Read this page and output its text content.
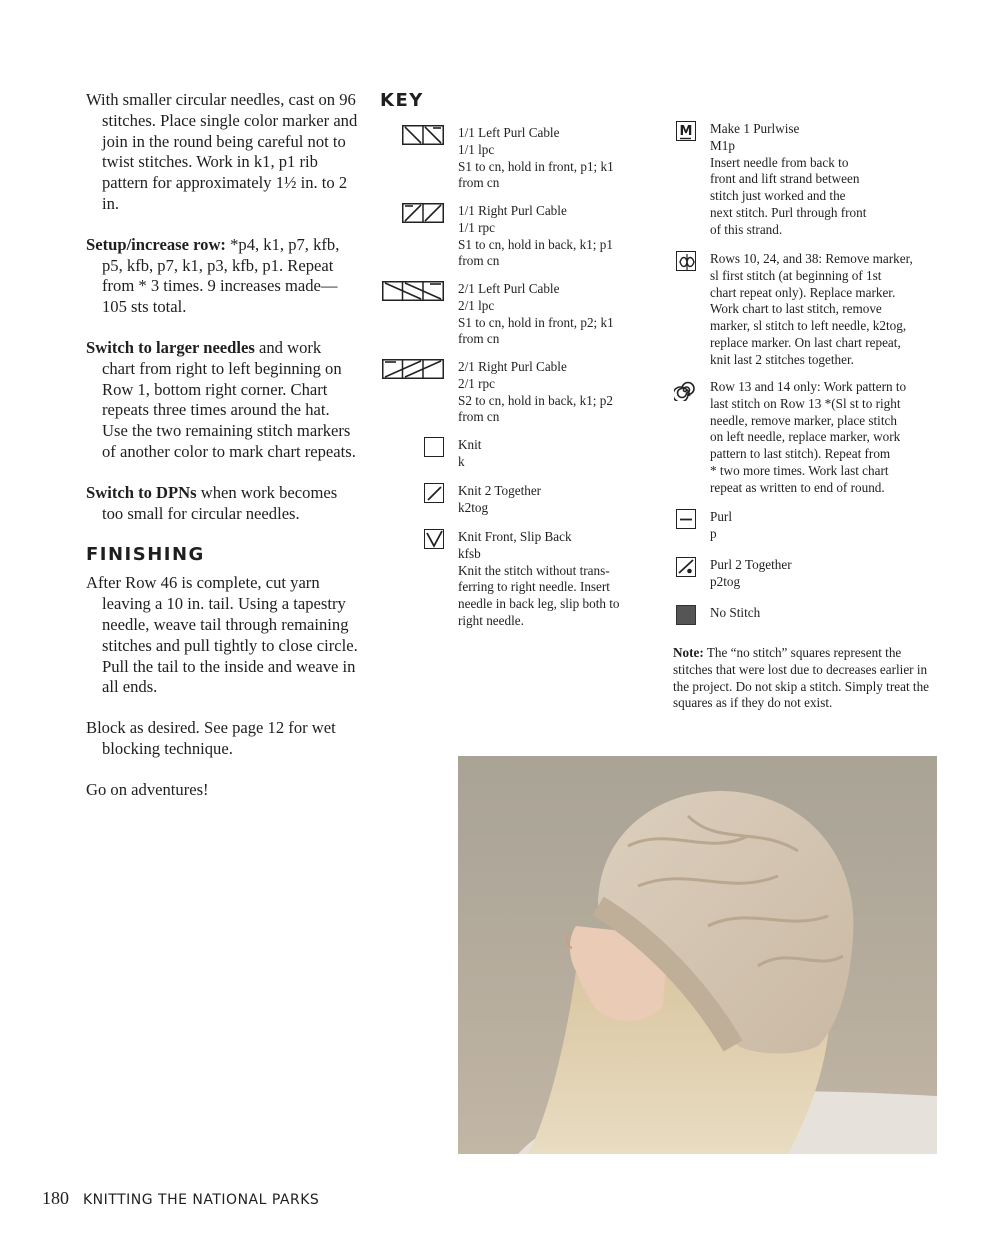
With smaller circular needles, cast on 96 stitches. Place single color marker and join in the round being careful not to twist stitches. Work in k1, p1 rib pattern for approximately 1½ in. to 2 in.

Setup/increase row: *p4, k1, p7, kfb, p5, kfb, p7, k1, p3, kfb, p1. Repeat from * 3 times. 9 increases made—105 sts total.

Switch to larger needles and work chart from right to left beginning on Row 1, bottom right corner. Chart repeats three times around the hat. Use the two remaining stitch markers of another color to mark chart repeats.

Switch to DPNs when work becomes too small for circular needles.

FINISHING

After Row 46 is complete, cut yarn leaving a 10 in. tail. Using a tapestry needle, weave tail through remaining stitches and pull tightly to close circle. Pull the tail to the inside and weave in all ends.

Block as desired. See page 12 for wet blocking technique.

Go on adventures!

KEY
1/1 Left Purl Cable
1/1 lpc
S1 to cn, hold in front, p1; k1
from cn
1/1 Right Purl Cable
1/1 rpc
S1 to cn, hold in back, k1; p1
from cn
2/1 Left Purl Cable
2/1 lpc
S1 to cn, hold in front, p2; k1
from cn
2/1 Right Purl Cable
2/1 rpc
S2 to cn, hold in back, k1; p2
from cn
Knit
k
Knit 2 Together
k2tog
Knit Front, Slip Back
kfsb
Knit the stitch without trans-
ferring to right needle. Insert
needle in back leg, slip both to
right needle.
M Make 1 Purlwise
M1p
Insert needle from back to
front and lift strand between
stitch just worked and the
next stitch. Purl through front
of this strand.
Rows 10, 24, and 38: Remove marker,
sl first stitch (at beginning of 1st
chart repeat only). Replace marker.
Work chart to last stitch, remove
marker, sl stitch to left needle, k2tog,
replace marker. On last chart repeat,
knit last 2 stitches together.
Row 13 and 14 only: Work pattern to
last stitch on Row 13 *(Sl st to right
needle, remove marker, place stitch
on left needle, replace marker, work
pattern to last stitch). Repeat from
* two more times. Work last chart
repeat as written to end of round.
Purl
p
Purl 2 Together
p2tog
No Stitch
Note: The “no stitch” squares represent the stitches that were lost due to decreases earlier in the project. Do not skip a stitch. Simply treat the squares as if they do not exist.
180 KNITTING THE NATIONAL PARKS
